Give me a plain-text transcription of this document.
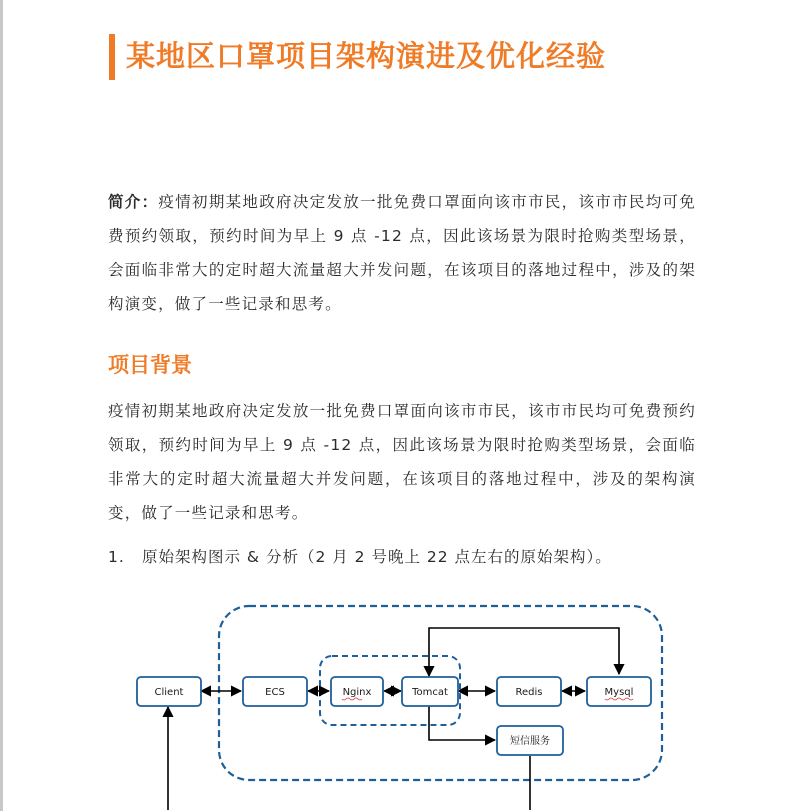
某地区口罩项目架构演进及优化经验

简介：疫情初期某地政府决定发放一批免费口罩面向该市市民，该市市民均可免费预约领取，预约时间为早上 9 点 -12 点，因此该场景为限时抢购类型场景，会面临非常大的定时超大流量超大并发问题，在该项目的落地过程中，涉及的架构演变，做了一些记录和思考。

项目背景

疫情初期某地政府决定发放一批免费口罩面向该市市民，该市市民均可免费预约领取，预约时间为早上 9 点 -12 点，因此该场景为限时抢购类型场景，会面临非常大的定时超大流量超大并发问题，在该项目的落地过程中，涉及的架构演变，做了一些记录和思考。

1. 原始架构图示 & 分析（2 月 2 号晚上 22 点左右的原始架构）。

Client	ECS	Nginx	Tomcat	Redis	Mysql
短信服务
